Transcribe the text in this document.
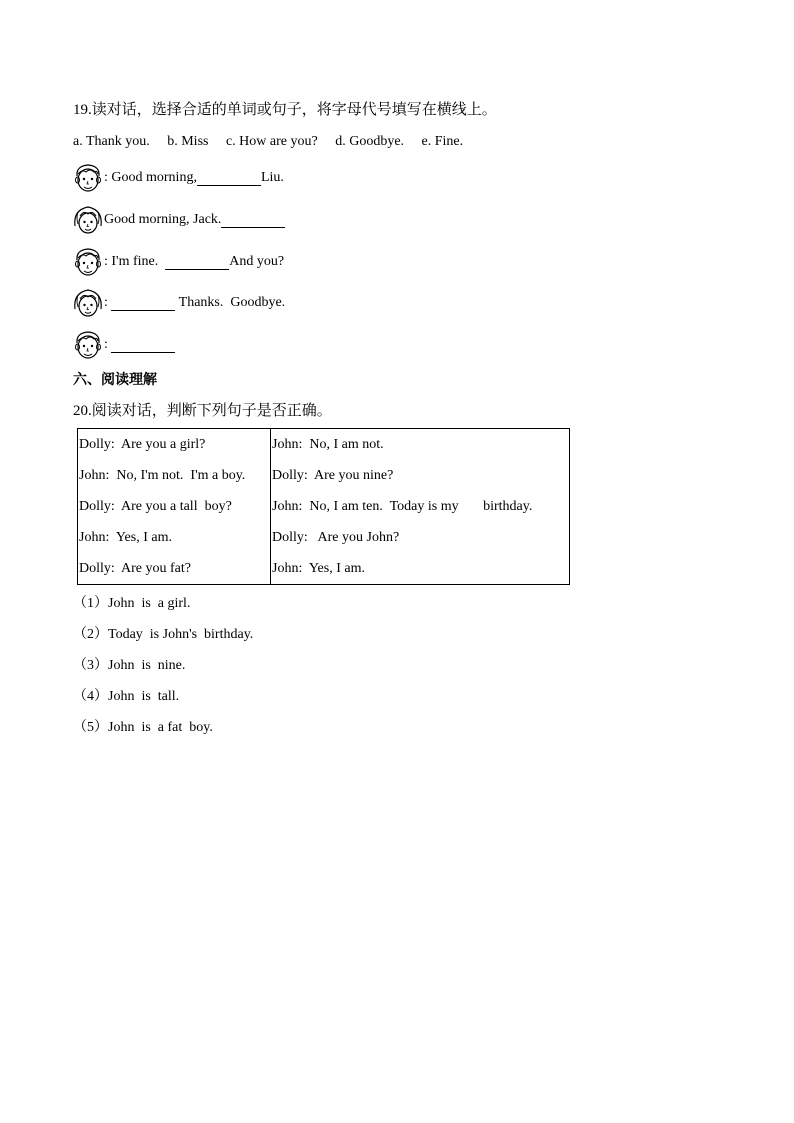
19.读对话，选择合适的单词或句子，将字母代号填写在横线上。
a. Thank you. b. Miss c. How are you? d. Goodbye. e. Fine.
: Good morning,	Liu.
Good morning, Jack.
: I'm fine.	And you?
:	Thanks.  Goodbye.
:
六、阅读理解
20.阅读对话，判断下列句子是否正确。
Dolly:  Are you a girl?	John:  No, I am not.
John:  No, I'm not.  I'm a boy.	Dolly:  Are you nine?
Dolly:  Are you a tall  boy?	John:  No, I am ten.  Today is my       birthday.
John:  Yes, I am.	Dolly:   Are you John?
Dolly:  Are you fat?	John:  Yes, I am.
（1）John  is  a girl.
（2）Today  is John's  birthday.
（3）John  is  nine.
（4）John  is  tall.
（5）John  is  a fat  boy.
